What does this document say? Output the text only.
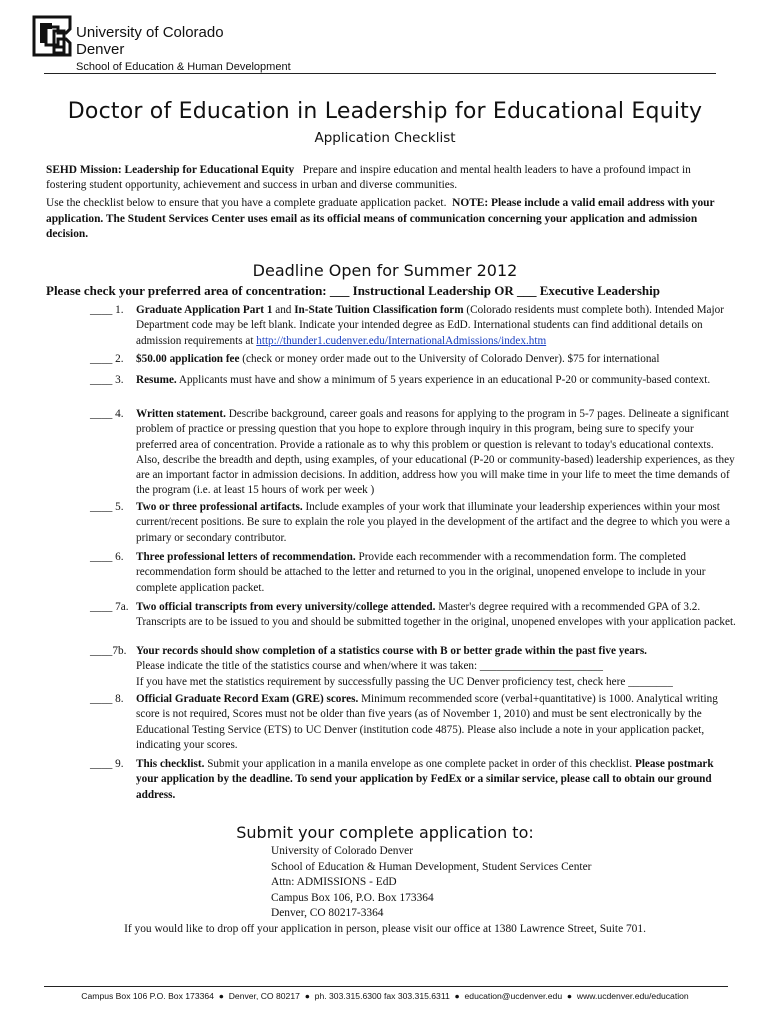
University of Colorado
Denver
School of Education & Human Development
Doctor of Education in Leadership for Educational Equity
Application Checklist
SEHD Mission: Leadership for Educational Equity Prepare and inspire education and mental health leaders to have a profound impact in fostering student opportunity, achievement and success in urban and diverse communities.
Use the checklist below to ensure that you have a complete graduate application packet. NOTE: Please include a valid email address with your application. The Student Services Center uses email as its official means of communication concerning your application and admission decision.
Deadline Open for Summer 2012
Please check your preferred area of concentration: ___ Instructional Leadership OR ___ Executive Leadership
____ 1. Graduate Application Part 1 and In-State Tuition Classification form (Colorado residents must complete both). Intended Major Department code may be left blank. Indicate your intended degree as EdD. International students can find additional details on admission requirements at http://thunder1.cudenver.edu/InternationalAdmissions/index.htm
____ 2. $50.00 application fee (check or money order made out to the University of Colorado Denver). $75 for international
____ 3. Resume. Applicants must have and show a minimum of 5 years experience in an educational P-20 or community-based context.
____ 4. Written statement. Describe background, career goals and reasons for applying to the program in 5-7 pages. Delineate a significant problem of practice or pressing question that you hope to explore through inquiry in this program, being sure to specify your preferred area of concentration. Provide a rationale as to why this problem or question is relevant to today's educational contexts. Also, describe the breadth and depth, using examples, of your educational (P-20 or community-based) leadership experiences, as they are an important factor in admission decisions. In addition, address how you will make time in your life to meet the time demands of the program (i.e. at least 15 hours of work per week )
____ 5. Two or three professional artifacts. Include examples of your work that illuminate your leadership experiences within your most current/recent positions. Be sure to explain the role you played in the development of the artifact and the degree to which you were a primary or secondary contributor.
____ 6. Three professional letters of recommendation. Provide each recommender with a recommendation form. The completed recommendation form should be attached to the letter and returned to you in the original, unopened envelope to include in your complete application packet.
____ 7a. Two official transcripts from every university/college attended. Master's degree required with a recommended GPA of 3.2. Transcripts are to be issued to you and should be submitted together in the original, unopened envelopes with your application packet.
____7b. Your records should show completion of a statistics course with B or better grade within the past five years.
Please indicate the title of the statistics course and when/where it was taken: ______________________
If you have met the statistics requirement by successfully passing the UC Denver proficiency test, check here ________
____ 8. Official Graduate Record Exam (GRE) scores. Minimum recommended score (verbal+quantitative) is 1000. Analytical writing score is not required, Scores must not be older than five years (as of November 1, 2010) and must be sent electronically by the Educational Testing Service (ETS) to UC Denver (institution code 4875). Please also include a note in your application packet, indicating your scores.
____ 9. This checklist. Submit your application in a manila envelope as one complete packet in order of this checklist. Please postmark your application by the deadline. To send your application by FedEx or a similar service, please call to obtain our ground address.
Submit your complete application to:
University of Colorado Denver
School of Education & Human Development, Student Services Center
Attn: ADMISSIONS - EdD
Campus Box 106, P.O. Box 173364
Denver, CO 80217-3364
If you would like to drop off your application in person, please visit our office at 1380 Lawrence Street, Suite 701.
Campus Box 106 P.O. Box 173364 ● Denver, CO 80217 ● ph. 303.315.6300 fax 303.315.6311 ● education@ucdenver.edu ● www.ucdenver.edu/education
